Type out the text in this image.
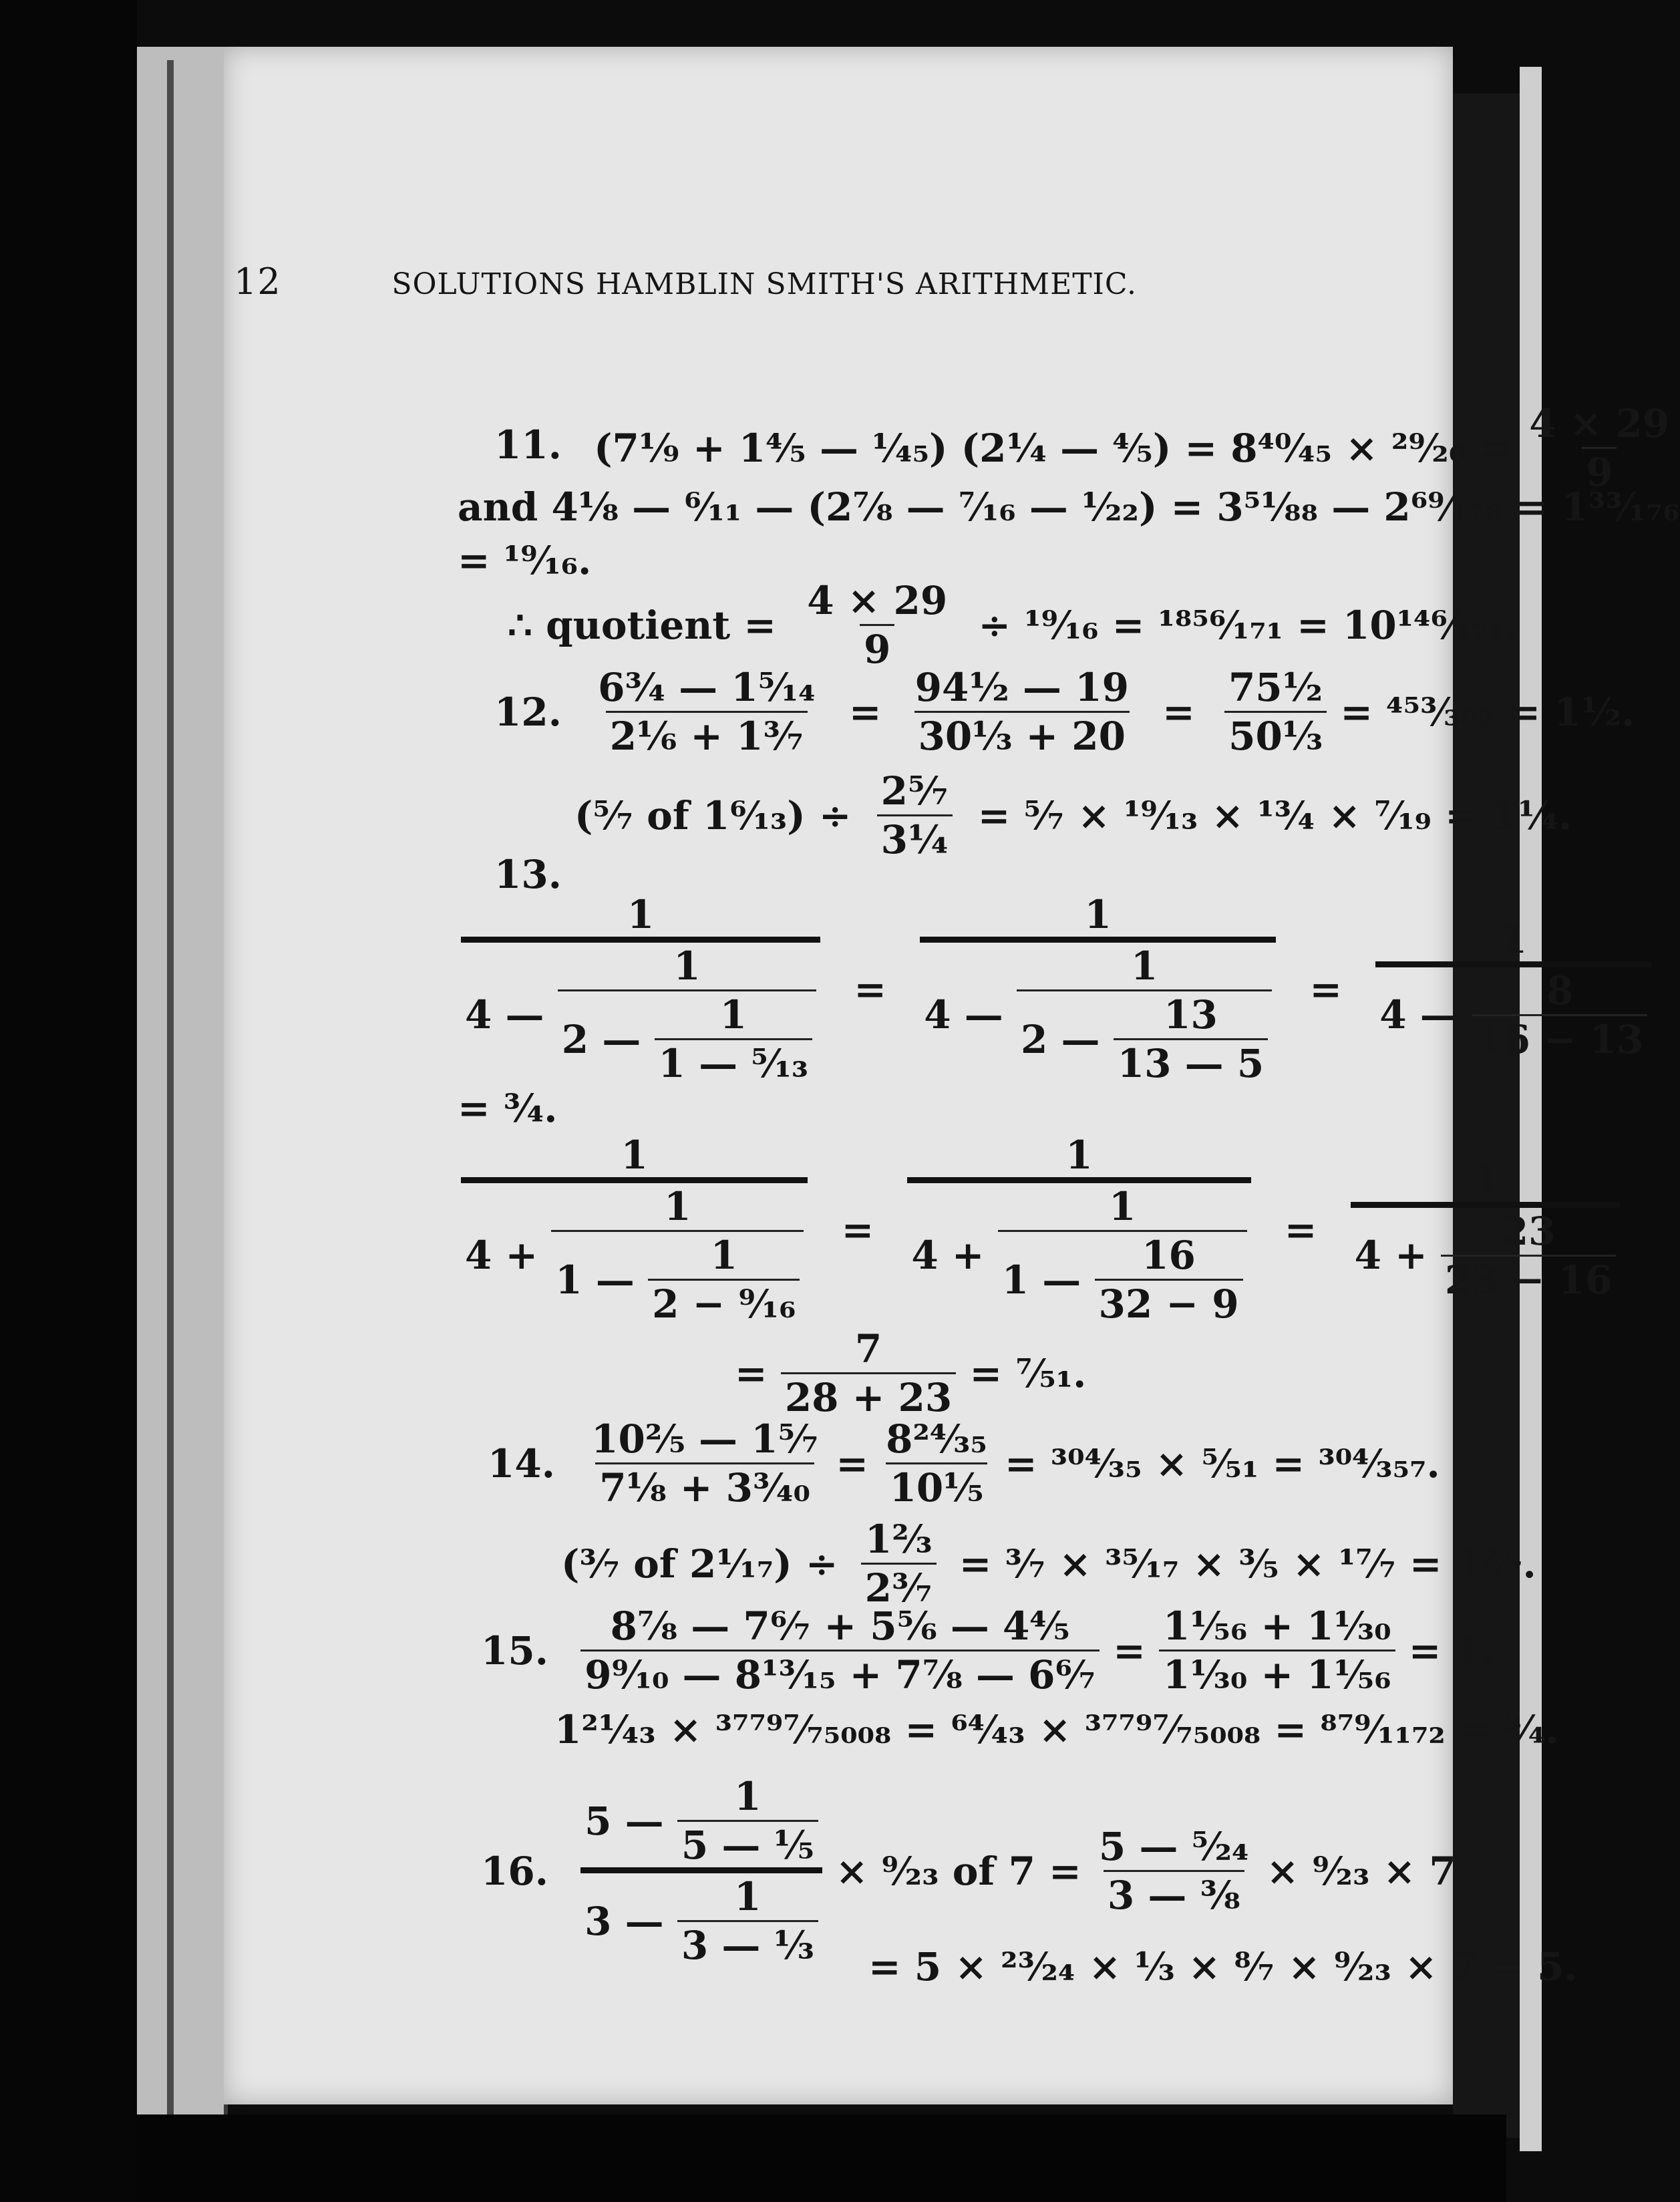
12	SOLUTIONS HAMBLIN SMITH'S ARITHMETIC.
11. (7⅑ + 1⁴⁄₅ — ¹⁄₄₅) (2¼ — ⁴⁄₅) = 8⁴⁰⁄₄₅ × ²⁹⁄₂₀ = $\frac{4 \times 29}{9}$
and 4⅛ — ⁶⁄₁₁ — (2⅞ — ⁷⁄₁₆ — ¹⁄₂₂) = 3⁵¹⁄₈₈ — 2⁶⁹⁄₁₇₆ = 1³³⁄₁₇₆
= ¹⁹⁄₁₆.
∴ quotient = $\frac{4 \times 29}{9}$ ÷ ¹⁹⁄₁₆ = ¹⁸⁵⁶⁄₁₇₁ = 10¹⁴⁶⁄₁₇₁.
12. $\frac{\text{6¾ — 1⁵⁄₁₄}}{\text{2⅙ + 1³⁄₇}} = \frac{\text{94½ — 19}}{\text{30⅓ + 20}} = \frac{\text{75½}}{\text{50⅓}}$ = ⁴⁵³⁄₃₀₂ = 1½.
(⁵⁄₇ of 1⁶⁄₁₃) ÷ $\frac{\text{2⁵⁄₇}}{\text{3¼}}$ = ⁵⁄₇ × ¹⁹⁄₁₃ × ¹³⁄₄ × ⁷⁄₁₉ = 1¼.
13.
1
4 — $\frac{1}{2 — \frac{1}{\text{1 — ⁵⁄₁₃}}}$ =
1
4 — $\frac{1}{2 — \frac{13}{13 — 5}} = \frac{1}{4 — \frac{8}{16 - 13}}$
= ¾.
1
$4 + \frac{1}{1 — \frac{1}{\text{2 − ⁹⁄₁₆}}}$ =
1
$4 + \frac{1}{1 — \frac{16}{32 - 9}} = \frac{1}{4 + \frac{23}{23 - 16}}$
= $\frac{7}{28 + 23}$ = ⁷⁄₅₁.
14. $\frac{\text{10⅖ — 1⁵⁄₇}}{\text{7⅛ + 3³⁄₄₀}} = \frac{\text{8²⁴⁄₃₅}}{\text{10⅕}}$ = ³⁰⁴⁄₃₅ × ⁵⁄₅₁ = ³⁰⁴⁄₃₅₇.
(³⁄₇ of 2¹⁄₁₇) ÷ $\frac{\text{1⅔}}{\text{2³⁄₇}}$ = ³⁄₇ × ³⁵⁄₁₇ × ³⁄₅ × ¹⁷⁄₇ = 1²⁄₇.
15. $\frac{\text{8⅞ — 7⁶⁄₇ + 5⅚ — 4⅘}}{\text{9⁹⁄₁₀ — 8¹³⁄₁₅ + 7⅞ — 6⁶⁄₇}} = \frac{\text{1¹⁄₅₆ + 1¹⁄₃₀}}{\text{1¹⁄₃₀ + 1¹⁄₅₆}} = 1$.
1²¹⁄₄₃ × ³⁷⁷⁹⁷⁄₇₅₀₀₈ = ⁶⁴⁄₄₃ × ³⁷⁷⁹⁷⁄₇₅₀₀₈ = ⁸⁷⁹⁄₁₁₇₂ = ¾.
16. $\frac{5 — \frac{1}{\text{5 — ⅕}}}{3 — \frac{1}{\text{3 — ⅓}}}$ × ⁹⁄₂₃ of $7 = \frac{\text{5 — ⁵⁄₂₄}}{\text{3 — ⅜}}$ × ⁹⁄₂₃ × 7
= 5 × ²³⁄₂₄ × ⅓ × ⁸⁄₇ × ⁹⁄₂₃ × 7 = 5.
